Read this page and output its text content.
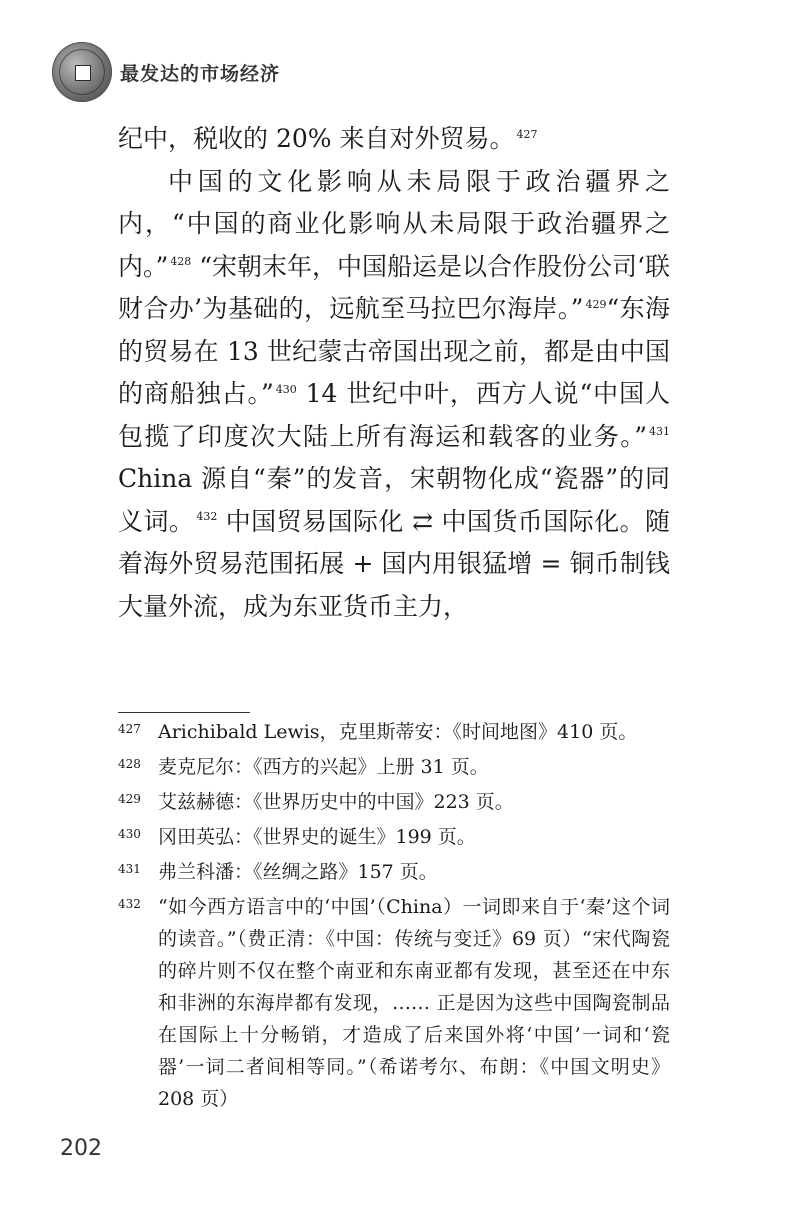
最发达的市场经济

纪中，税收的 20% 来自对外贸易。 $^{427}$

中国的文化影响从未局限于政治疆界之内，“中国的商业化影响从未局限于政治疆界之内。” $^{428}$ “宋朝末年，中国船运是以合作股份公司‘联财合办’为基础的，远航至马拉巴尔海岸。” $^{429}$“东海的贸易在 13 世纪蒙古帝国出现之前，都是由中国的商船独占。” $^{430}$ 14 世纪中叶，西方人说“中国人包揽了印度次大陆上所有海运和载客的业务。” $^{431}$ China 源自“秦”的发音，宋朝物化成“瓷器”的同义词。 $^{432}$ 中国贸易国际化 ⇄ 中国货币国际化。随着海外贸易范围拓展 + 国内用银猛增 = 铜币制钱大量外流，成为东亚货币主力，

427 Arichibald Lewis，克里斯蒂安：《时间地图》410 页。
428 麦克尼尔：《西方的兴起》上册 31 页。
429 艾兹赫德：《世界历史中的中国》223 页。
430 冈田英弘：《世界史的诞生》199 页。
431 弗兰科潘：《丝绸之路》157 页。
432 “如今西方语言中的‘中国’（China）一词即来自于‘秦’这个词的读音。”（费正清：《中国：传统与变迁》69 页）“宋代陶瓷的碎片则不仅在整个南亚和东南亚都有发现，甚至还在中东和非洲的东海岸都有发现，…… 正是因为这些中国陶瓷制品在国际上十分畅销，才造成了后来国外将‘中国’一词和‘瓷器’一词二者间相等同。”（希诺考尔、布朗：《中国文明史》208 页）
202
